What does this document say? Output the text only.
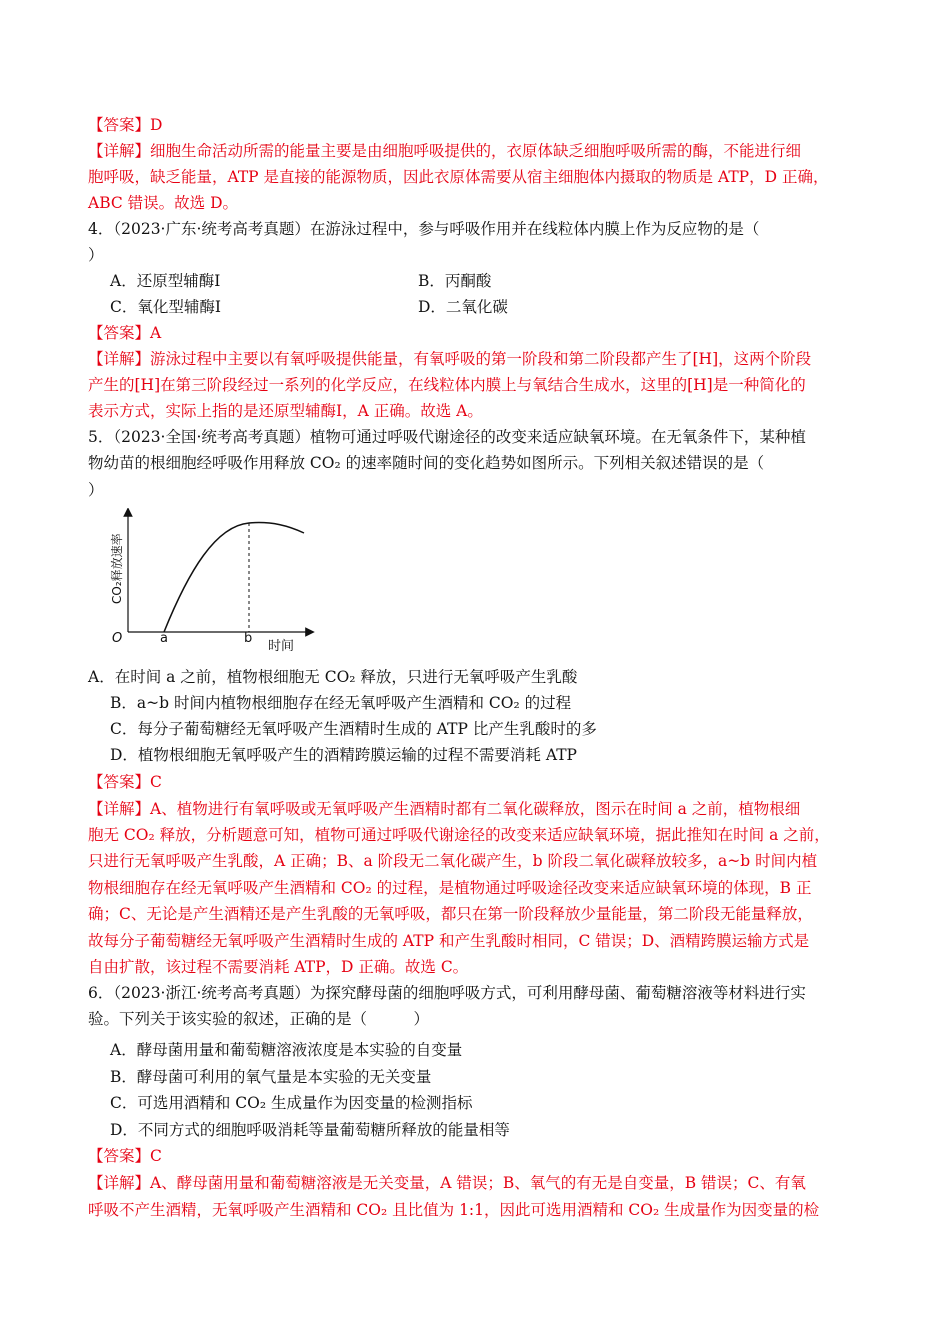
【答案】D
【详解】细胞生命活动所需的能量主要是由细胞呼吸提供的，衣原体缺乏细胞呼吸所需的酶，不能进行细
胞呼吸，缺乏能量，ATP 是直接的能源物质，因此衣原体需要从宿主细胞体内摄取的物质是 ATP，D 正确，
ABC 错误。故选 D。
4．（2023·广东·统考高考真题）在游泳过程中，参与呼吸作用并在线粒体内膜上作为反应物的是（
）
A．还原型辅酶Ⅰ	B．丙酮酸
C．氧化型辅酶Ⅰ	D．二氧化碳
【答案】A
【详解】游泳过程中主要以有氧呼吸提供能量，有氧呼吸的第一阶段和第二阶段都产生了[H]，这两个阶段
产生的[H]在第三阶段经过一系列的化学反应，在线粒体内膜上与氧结合生成水，这里的[H]是一种简化的
表示方式，实际上指的是还原型辅酶Ⅰ，A 正确。故选 A。
5．（2023·全国·统考高考真题）植物可通过呼吸代谢途径的改变来适应缺氧环境。在无氧条件下，某种植
物幼苗的根细胞经呼吸作用释放 CO₂ 的速率随时间的变化趋势如图所示。下列相关叙述错误的是（
）
A．在时间 a 之前，植物根细胞无 CO₂ 释放，只进行无氧呼吸产生乳酸
B．a~b 时间内植物根细胞存在经无氧呼吸产生酒精和 CO₂ 的过程
C．每分子葡萄糖经无氧呼吸产生酒精时生成的 ATP 比产生乳酸时的多
D．植物根细胞无氧呼吸产生的酒精跨膜运输的过程不需要消耗 ATP
【答案】C
【详解】A、植物进行有氧呼吸或无氧呼吸产生酒精时都有二氧化碳释放，图示在时间 a 之前，植物根细
胞无 CO₂ 释放，分析题意可知，植物可通过呼吸代谢途径的改变来适应缺氧环境，据此推知在时间 a 之前，
只进行无氧呼吸产生乳酸，A 正确；B、a 阶段无二氧化碳产生，b 阶段二氧化碳释放较多，a~b 时间内植
物根细胞存在经无氧呼吸产生酒精和 CO₂ 的过程，是植物通过呼吸途径改变来适应缺氧环境的体现，B 正
确；C、无论是产生酒精还是产生乳酸的无氧呼吸，都只在第一阶段释放少量能量，第二阶段无能量释放，
故每分子葡萄糖经无氧呼吸产生酒精时生成的 ATP 和产生乳酸时相同，C 错误；D、酒精跨膜运输方式是
自由扩散，该过程不需要消耗 ATP，D 正确。故选 C。
6．（2023·浙江·统考高考真题）为探究酵母菌的细胞呼吸方式，可利用酵母菌、葡萄糖溶液等材料进行实
验。下列关于该实验的叙述，正确的是（　　　）
A．酵母菌用量和葡萄糖溶液浓度是本实验的自变量
B．酵母菌可利用的氧气量是本实验的无关变量
C．可选用酒精和 CO₂ 生成量作为因变量的检测指标
D．不同方式的细胞呼吸消耗等量葡萄糖所释放的能量相等
【答案】C
【详解】A、酵母菌用量和葡萄糖溶液是无关变量，A 错误；B、氧气的有无是自变量，B 错误；C、有氧
呼吸不产生酒精，无氧呼吸产生酒精和 CO₂ 且比值为 1:1，因此可选用酒精和 CO₂ 生成量作为因变量的检
O	a	b
时间
CO₂释放速率
